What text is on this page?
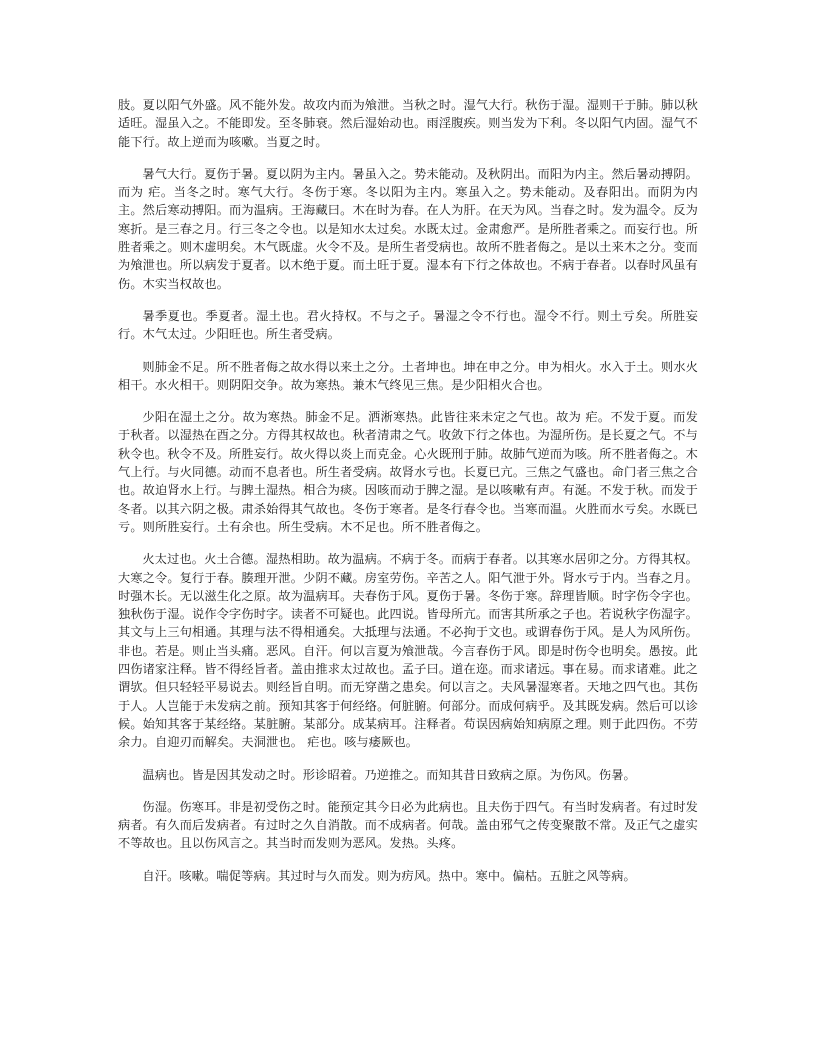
肢。夏以阳气外盛。风不能外发。故攻内而为飧泄。当秋之时。湿气大行。秋伤于湿。湿则干于肺。肺以秋适旺。湿虽入之。不能即发。至冬肺衰。然后湿始动也。雨淫腹疾。则当发为下利。冬以阳气内固。湿气不能下行。故上逆而为咳嗽。当夏之时。

暑气大行。夏伤于暑。夏以阴为主内。暑虽入之。势未能动。及秋阴出。而阳为内主。然后暑动搏阴。而为 疟。当冬之时。寒气大行。冬伤于寒。冬以阳为主内。寒虽入之。势未能动。及春阳出。而阴为内主。然后寒动搏阳。而为温病。王海藏曰。木在时为春。在人为肝。在天为风。当春之时。发为温令。反为寒折。是三春之月。行三冬之令也。以是知水太过矣。水既太过。金肃愈严。是所胜者乘之。而妄行也。所胜者乘之。则木虚明矣。木气既虚。火令不及。是所生者受病也。故所不胜者侮之。是以土来木之分。变而为飧泄也。所以病发于夏者。以木绝于夏。而土旺于夏。湿本有下行之体故也。不病于春者。以春时风虽有伤。木实当权故也。

暑季夏也。季夏者。湿土也。君火持权。不与之子。暑湿之令不行也。湿令不行。则土亏矣。所胜妄行。木气太过。少阳旺也。所生者受病。

则肺金不足。所不胜者侮之故水得以来土之分。土者坤也。坤在申之分。申为相火。水入于土。则水火相干。水火相干。则阴阳交争。故为寒热。兼木气终见三焦。是少阳相火合也。

少阳在湿土之分。故为寒热。肺金不足。洒淅寒热。此皆往来未定之气也。故为 疟。不发于夏。而发于秋者。以湿热在酉之分。方得其权故也。秋者清肃之气。收敛下行之体也。为湿所伤。是长夏之气。不与秋令也。秋令不及。所胜妄行。故火得以炎上而克金。心火既刑于肺。故肺气逆而为咳。所不胜者侮之。木气上行。与火同德。动而不息者也。所生者受病。故肾水亏也。长夏已亢。三焦之气盛也。命门者三焦之合也。故迫肾水上行。与脾土湿热。相合为痰。因咳而动于脾之湿。是以咳嗽有声。有涎。不发于秋。而发于冬者。以其六阴之极。肃杀始得其气故也。冬伤于寒者。是冬行春令也。当寒而温。火胜而水亏矣。水既已亏。则所胜妄行。土有余也。所生受病。木不足也。所不胜者侮之。

火太过也。火土合德。湿热相助。故为温病。不病于冬。而病于春者。以其寒水居卯之分。方得其权。大寒之令。复行于春。腠理开泄。少阴不藏。房室劳伤。辛苦之人。阳气泄于外。肾水亏于内。当春之月。时强木长。无以滋生化之原。故为温病耳。夫春伤于风。夏伤于暑。冬伤于寒。辞理皆顺。时字伤令字也。独秋伤于湿。说作令字伤时字。读者不可疑也。此四说。皆母所亢。而害其所承之子也。若说秋字伤湿字。其文与上三句相通。其理与法不得相通矣。大抵理与法通。不必拘于文也。或谓春伤于风。是人为风所伤。非也。若是。则止当头痛。恶风。自汗。何以言夏为飧泄哉。今言春伤于风。即是时伤令也明矣。愚按。此四伤诸家注释。皆不得经旨者。盖由推求太过故也。孟子曰。道在迩。而求诸远。事在易。而求诸难。此之谓欤。但只轻轻平易说去。则经旨自明。而无穿凿之患矣。何以言之。夫风暑湿寒者。天地之四气也。其伤于人。人岂能于未发病之前。预知其客于何经络。何脏腑。何部分。而成何病乎。及其既发病。然后可以诊候。始知其客于某经络。某脏腑。某部分。成某病耳。注释者。苟误因病始知病原之理。则于此四伤。不劳余力。自迎刃而解矣。夫洞泄也。 疟也。咳与痿厥也。

温病也。皆是因其发动之时。形诊昭着。乃逆推之。而知其昔日致病之原。为伤风。伤暑。

伤湿。伤寒耳。非是初受伤之时。能预定其今日必为此病也。且夫伤于四气。有当时发病者。有过时发病者。有久而后发病者。有过时之久自消散。而不成病者。何哉。盖由邪气之传变聚散不常。及正气之虚实不等故也。且以伤风言之。其当时而发则为恶风。发热。头疼。

自汗。咳嗽。喘促等病。其过时与久而发。则为疠风。热中。寒中。偏枯。五脏之风等病。
